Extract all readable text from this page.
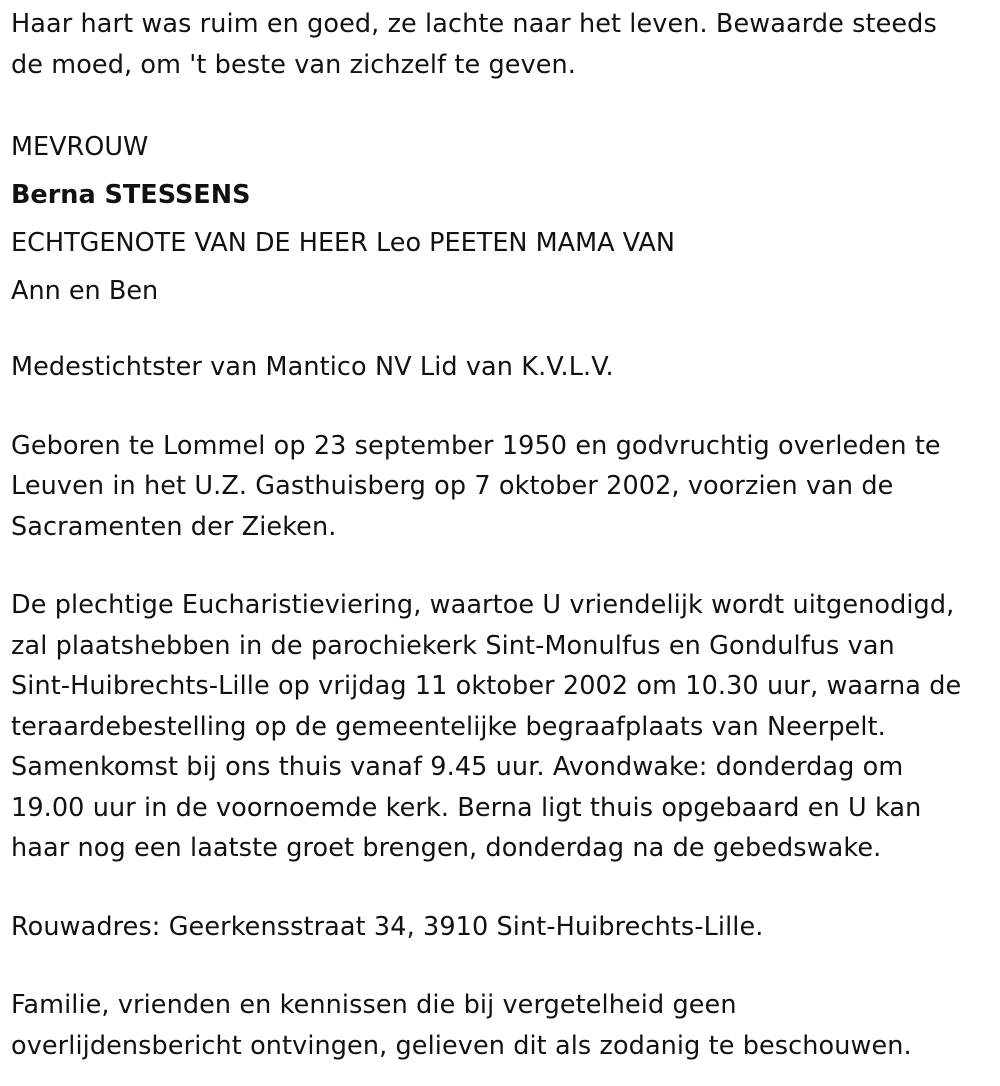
Haar hart was ruim en goed, ze lachte naar het leven. Bewaarde steeds
de moed, om 't beste van zichzelf te geven.

MEVROUW

Berna STESSENS

ECHTGENOTE VAN DE HEER Leo PEETEN MAMA VAN

Ann en Ben

Medestichtster van Mantico NV Lid van K.V.L.V.

Geboren te Lommel op 23 september 1950 en godvruchtig overleden te
Leuven in het U.Z. Gasthuisberg op 7 oktober 2002, voorzien van de
Sacramenten der Zieken.

De plechtige Eucharistieviering, waartoe U vriendelijk wordt uitgenodigd,
zal plaatshebben in de parochiekerk Sint-Monulfus en Gondulfus van
Sint-Huibrechts-Lille op vrijdag 11 oktober 2002 om 10.30 uur, waarna de
teraardebestelling op de gemeentelijke begraafplaats van Neerpelt.
Samenkomst bij ons thuis vanaf 9.45 uur. Avondwake: donderdag om
19.00 uur in de voornoemde kerk. Berna ligt thuis opgebaard en U kan
haar nog een laatste groet brengen, donderdag na de gebedswake.

Rouwadres: Geerkensstraat 34, 3910 Sint-Huibrechts-Lille.

Familie, vrienden en kennissen die bij vergetelheid geen
overlijdensbericht ontvingen, gelieven dit als zodanig te beschouwen.
